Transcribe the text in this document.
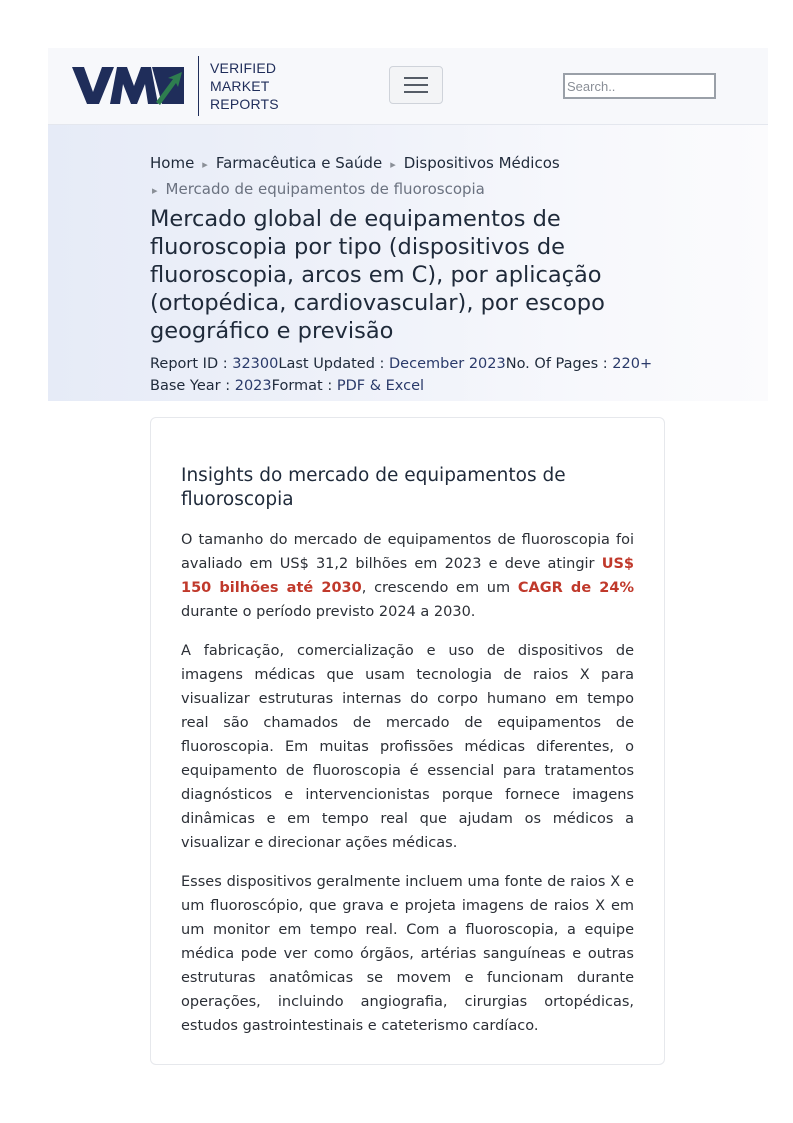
VERIFIED
MARKET
REPORTS
Search..
Home ▸ Farmacêutica e Saúde ▸ Dispositivos Médicos
▸ Mercado de equipamentos de fluoroscopia
Mercado global de equipamentos de fluoroscopia por tipo (dispositivos de fluoroscopia, arcos em C), por aplicação (ortopédica, cardiovascular), por escopo geográfico e previsão
Report ID : 32300Last Updated : December 2023No. Of Pages : 220+
Base Year : 2023Format : PDF & Excel
Insights do mercado de equipamentos de fluoroscopia

O tamanho do mercado de equipamentos de fluoroscopia foi avaliado em US$ 31,2 bilhões em 2023 e deve atingir US$ 150 bilhões até 2030, crescendo em um CAGR de 24% durante o período previsto 2024 a 2030.

A fabricação, comercialização e uso de dispositivos de imagens médicas que usam tecnologia de raios X para visualizar estruturas internas do corpo humano em tempo real são chamados de mercado de equipamentos de fluoroscopia. Em muitas profissões médicas diferentes, o equipamento de fluoroscopia é essencial para tratamentos diagnósticos e intervencionistas porque fornece imagens dinâmicas e em tempo real que ajudam os médicos a visualizar e direcionar ações médicas.

Esses dispositivos geralmente incluem uma fonte de raios X e um fluoroscópio, que grava e projeta imagens de raios X em um monitor em tempo real. Com a fluoroscopia, a equipe médica pode ver como órgãos, artérias sanguíneas e outras estruturas anatômicas se movem e funcionam durante operações, incluindo angiografia, cirurgias ortopédicas, estudos gastrointestinais e cateterismo cardíaco.
